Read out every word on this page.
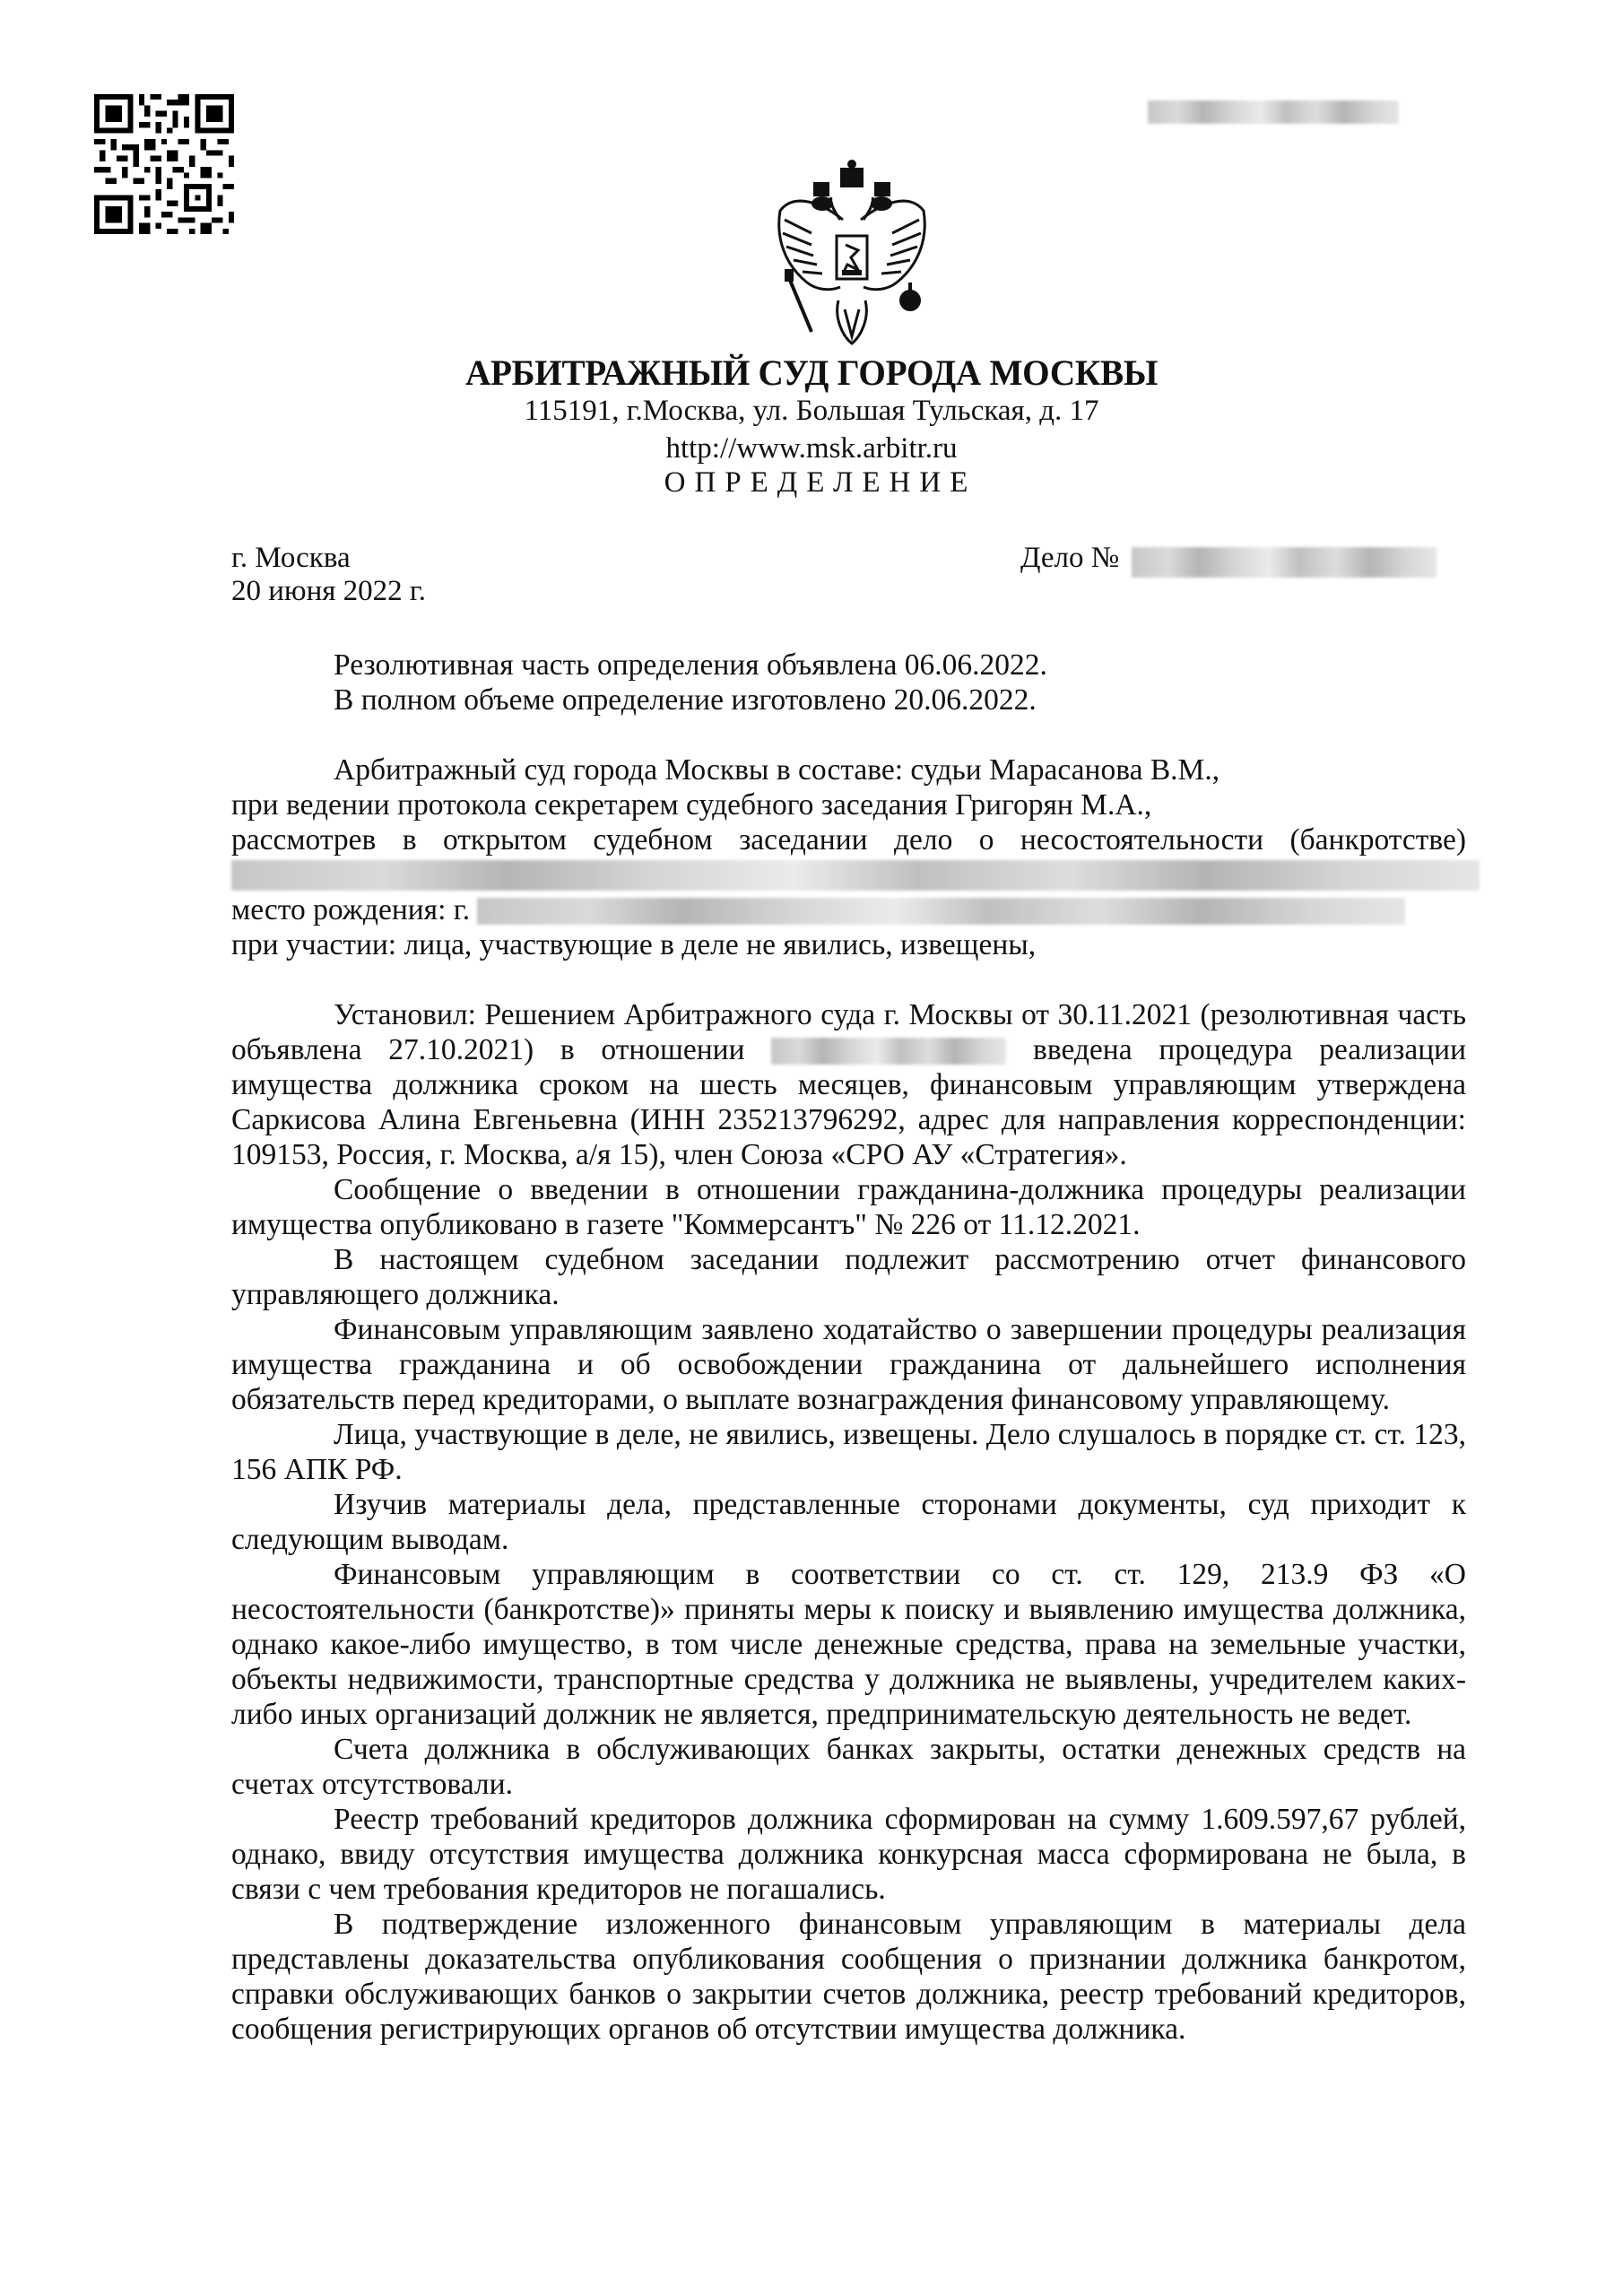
АРБИТРАЖНЫЙ СУД ГОРОДА МОСКВЫ
115191, г.Москва, ул. Большая Тульская, д. 17
http://www.msk.arbitr.ru
ОПРЕДЕЛЕНИЕ
г. Москва
20 июня 2022 г.
Дело №

Резолютивная часть определения объявлена 06.06.2022.

В полном объеме определение изготовлено 20.06.2022.

Арбитражный суд города Москвы в составе: судьи Марасанова В.М.,

при ведении протокола секретарем судебного заседания Григорян М.А.,

рассмотрев в открытом судебном заседании дело о несостоятельности (банкротстве)

место рождения: г.

при участии: лица, участвующие в деле не явились, извещены,

Установил: Решением Арбитражного суда г. Москвы от 30.11.2021 (резолютивная часть объявлена 27.10.2021) в отношении	введена процедура реализации имущества должника сроком на шесть месяцев, финансовым управляющим утверждена Саркисова Алина Евгеньевна (ИНН 235213796292, адрес для направления корреспонденции: 109153, Россия, г. Москва, а/я 15), член Союза «СРО АУ «Стратегия».

Сообщение о введении в отношении гражданина-должника процедуры реализации имущества опубликовано в газете "Коммерсантъ" № 226 от 11.12.2021.

В настоящем судебном заседании подлежит рассмотрению отчет финансового управляющего должника.

Финансовым управляющим заявлено ходатайство о завершении процедуры реализация имущества гражданина и об освобождении гражданина от дальнейшего исполнения обязательств перед кредиторами, о выплате вознаграждения финансовому управляющему.

Лица, участвующие в деле, не явились, извещены. Дело слушалось в порядке ст. ст. 123, 156 АПК РФ.

Изучив материалы дела, представленные сторонами документы, суд приходит к следующим выводам.

Финансовым управляющим в соответствии со ст. ст. 129, 213.9 ФЗ «О несостоятельности (банкротстве)» приняты меры к поиску и выявлению имущества должника, однако какое-либо имущество, в том числе денежные средства, права на земельные участки, объекты недвижимости, транспортные средства у должника не выявлены, учредителем каких-либо иных организаций должник не является, предпринимательскую деятельность не ведет.

Счета должника в обслуживающих банках закрыты, остатки денежных средств на счетах отсутствовали.

Реестр требований кредиторов должника сформирован на сумму 1.609.597,67 рублей, однако, ввиду отсутствия имущества должника конкурсная масса сформирована не была, в связи с чем требования кредиторов не погашались.

В подтверждение изложенного финансовым управляющим в материалы дела представлены доказательства опубликования сообщения о признании должника банкротом, справки обслуживающих банков о закрытии счетов должника, реестр требований кредиторов, сообщения регистрирующих органов об отсутствии имущества должника.
